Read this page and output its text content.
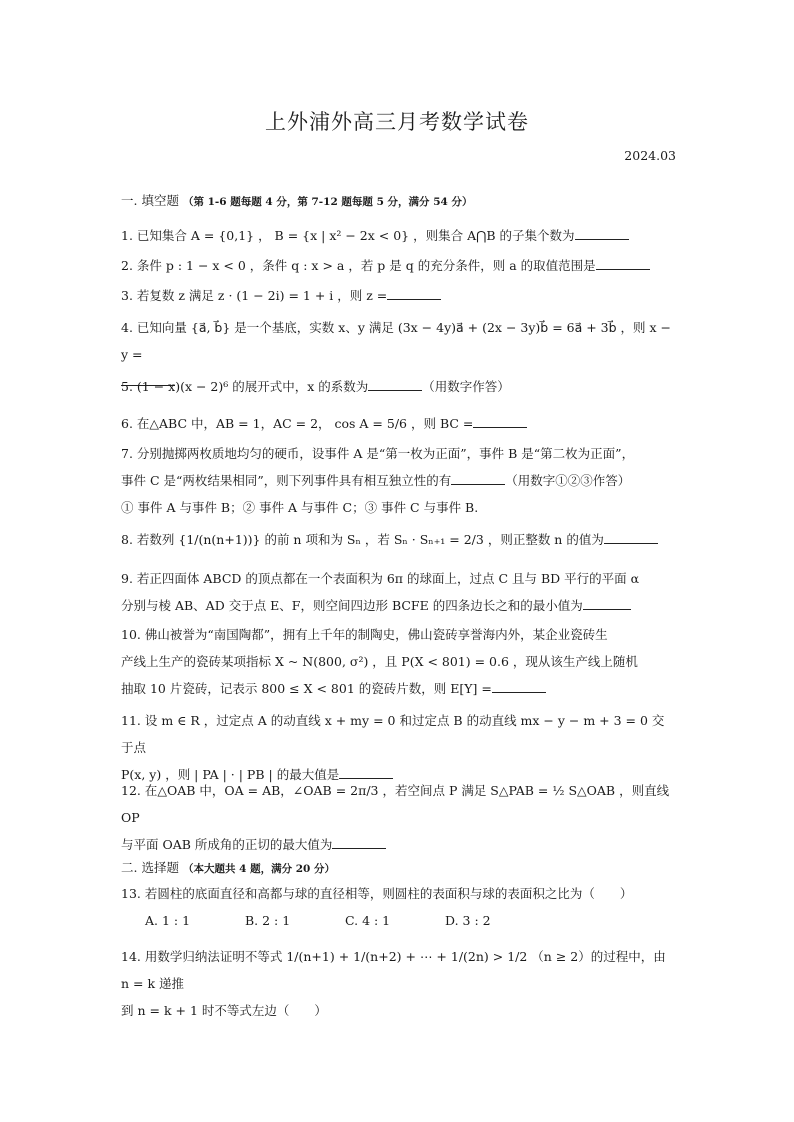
上外浦外高三月考数学试卷
2024.03
一. 填空题 （第 1-6 题每题 4 分，第 7-12 题每题 5 分，满分 54 分）
1. 已知集合 A = {0,1} ， B = {x | x² − 2x < 0} ，则集合 A⋂B 的子集个数为
2. 条件 p : 1 − x < 0 ，条件 q : x > a ，若 p 是 q 的充分条件，则 a 的取值范围是
3. 若复数 z 满足 z · (1 − 2i) = 1 + i ，则 z =
4. 已知向量 {a⃗, b⃗} 是一个基底，实数 x、y 满足 (3x − 4y)a⃗ + (2x − 3y)b⃗ = 6a⃗ + 3b⃗ ，则 x − y =

5. (1 − x)(x − 2)⁶ 的展开式中，x 的系数为	（用数字作答）
6. 在△ABC 中，AB = 1，AC = 2， cos A = 5/6 ，则 BC =
7. 分别抛掷两枚质地均匀的硬币，设事件 A 是“第一枚为正面”，事件 B 是“第二枚为正面”，
事件 C 是“两枚结果相同”，则下列事件具有相互独立性的有	（用数字①②③作答）
① 事件 A 与事件 B；② 事件 A 与事件 C；③ 事件 C 与事件 B.
8. 若数列 {1/(n(n+1))} 的前 n 项和为 Sₙ ，若 Sₙ · Sₙ₊₁ = 2/3 ，则正整数 n 的值为
9. 若正四面体 ABCD 的顶点都在一个表面积为 6π 的球面上，过点 C 且与 BD 平行的平面 α
分别与棱 AB、AD 交于点 E、F，则空间四边形 BCFE 的四条边长之和的最小值为
10. 佛山被誉为“南国陶都”，拥有上千年的制陶史，佛山瓷砖享誉海内外，某企业瓷砖生
产线上生产的瓷砖某项指标 X ~ N(800, σ²) ，且 P(X < 801) = 0.6 ，现从该生产线上随机
抽取 10 片瓷砖，记表示 800 ≤ X < 801 的瓷砖片数，则 E[Y] =
11. 设 m ∈ R ，过定点 A 的动直线 x + my = 0 和过定点 B 的动直线 mx − y − m + 3 = 0 交于点
P(x, y) ，则 | PA | · | PB | 的最大值是
12. 在△OAB 中，OA = AB，∠OAB = 2π/3 ，若空间点 P 满足 S△PAB = ½ S△OAB ，则直线 OP
与平面 OAB 所成角的正切的最大值为
二. 选择题 （本大题共 4 题，满分 20 分）
13. 若圆柱的底面直径和高都与球的直径相等，则圆柱的表面积与球的表面积之比为（　　）

A. 1 : 1	B. 2 : 1	C. 4 : 1	D. 3 : 2
14. 用数学归纳法证明不等式 1/(n+1) + 1/(n+2) + ⋯ + 1/(2n) > 1/2 （n ≥ 2）的过程中，由 n = k 递推
到 n = k + 1 时不等式左边（　　）
